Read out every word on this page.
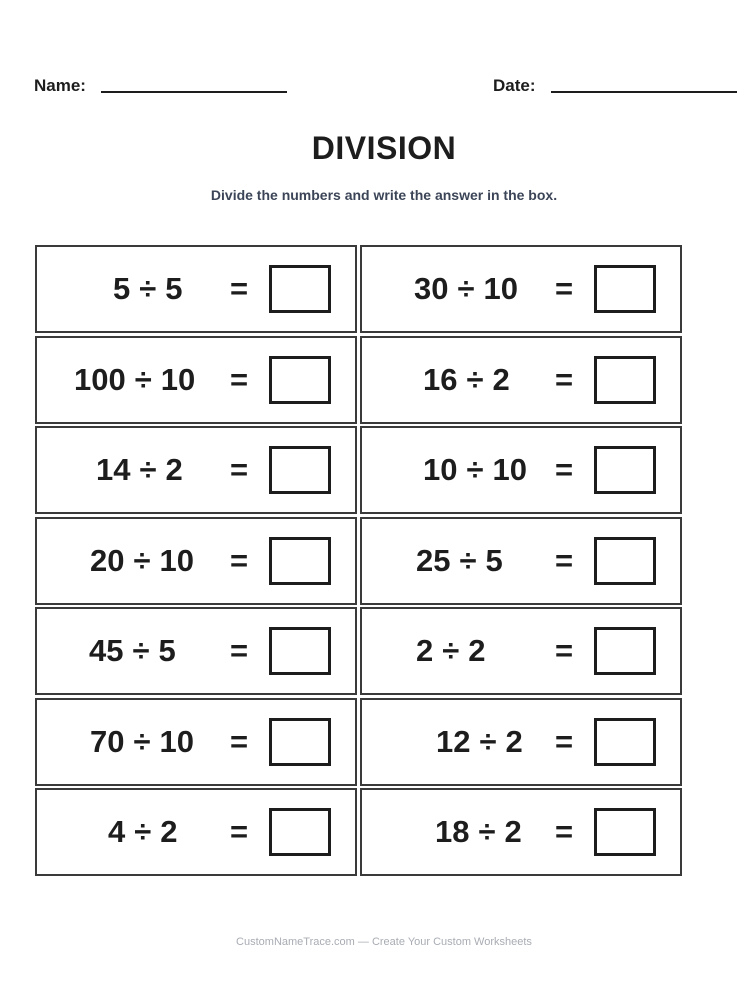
Name:	Date:
DIVISION
Divide the numbers and write the answer in the box.
5 ÷ 5 =	30 ÷ 10 =
100 ÷ 10 =	16 ÷ 2 =
14 ÷ 2 =	10 ÷ 10 =
20 ÷ 10 =	25 ÷ 5 =
45 ÷ 5 =	2 ÷ 2 =
70 ÷ 10 =	12 ÷ 2 =
4 ÷ 2 =	18 ÷ 2 =
CustomNameTrace.com — Create Your Custom Worksheets
